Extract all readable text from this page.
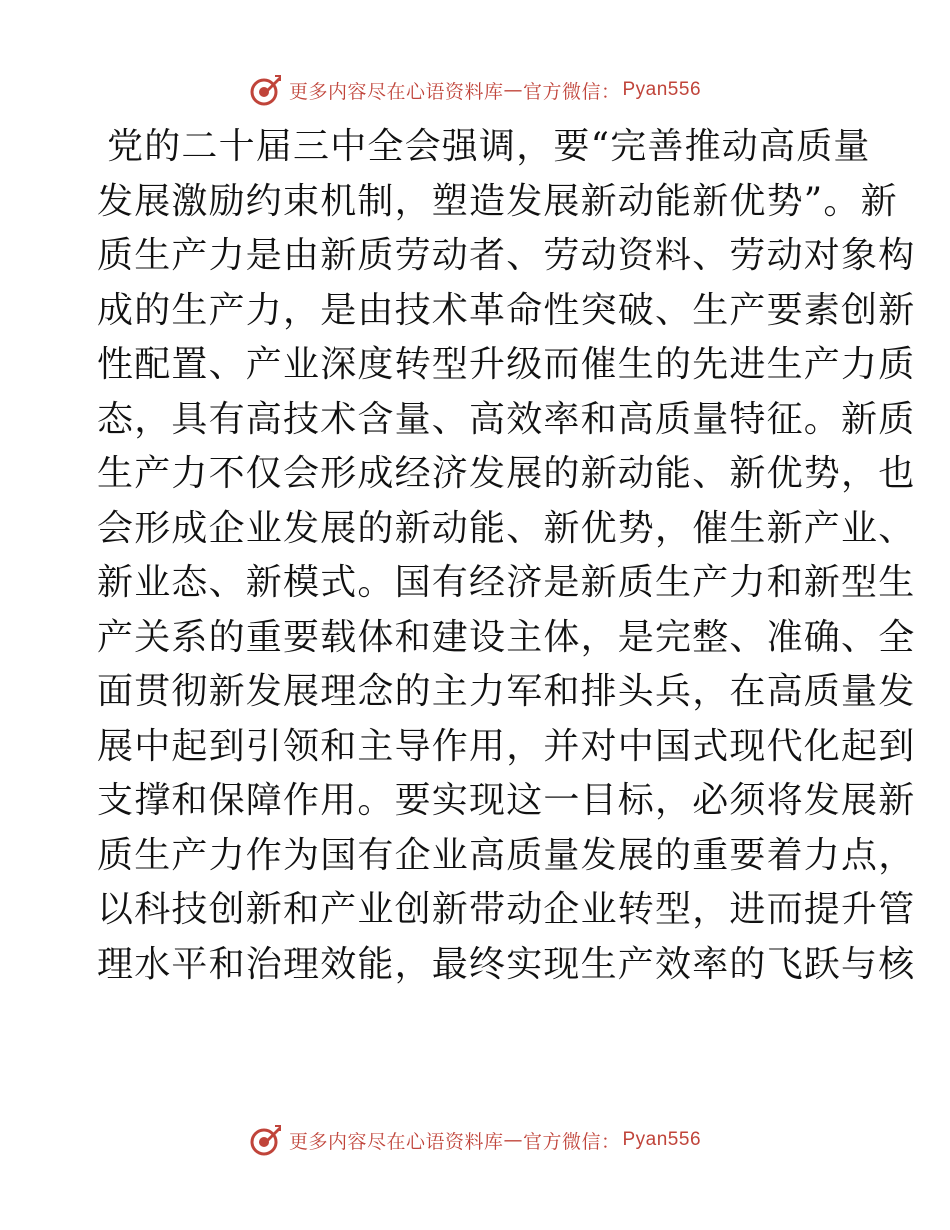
更多内容尽在心语资料库 — 官方微信： Pyan556
党的二十届三中全会强调，要“完善推动高质量
发展激励约束机制，塑造发展新动能新优势”。新
质生产力是由新质劳动者、劳动资料、劳动对象构
成的生产力，是由技术革命性突破、生产要素创新
性配置、产业深度转型升级而催生的先进生产力质
态，具有高技术含量、高效率和高质量特征。新质
生产力不仅会形成经济发展的新动能、新优势，也
会形成企业发展的新动能、新优势，催生新产业、
新业态、新模式。国有经济是新质生产力和新型生
产关系的重要载体和建设主体，是完整、准确、全
面贯彻新发展理念的主力军和排头兵，在高质量发
展中起到引领和主导作用，并对中国式现代化起到
支撑和保障作用。要实现这一目标，必须将发展新
质生产力作为国有企业高质量发展的重要着力点，
以科技创新和产业创新带动企业转型，进而提升管
理水平和治理效能，最终实现生产效率的飞跃与核
更多内容尽在心语资料库 — 官方微信： Pyan556
